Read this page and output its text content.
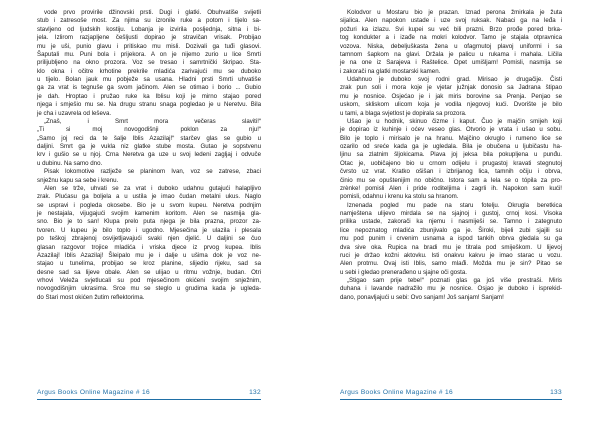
vode prvo provirile džinovski prsti. Dugi i glatki. Obuhvatiše svijetli
stub i zatresoše most. Za njima su izronile ruke a potom i tijelo sa-
stavljeno od ljudskih kostiju. Lobanja je izvirila posljednja, sitna i bi-
jela. Izlirom razjapljene češljusti dopirao je stravičan vrisak. Probijao
mu je uši, punio glavu i pritiskao mu misli. Dozivali ga tuđi glasovi.
Šaputali mu. Puni bola i prijekora. A on je nijemo zurio u lice Smrti
prilijubljeno na okno prozora. Voz se tresao i samrtnički škripao. Sta-
klo okna i očitre krhotine prekrile mladića zarivajući mu se duboko
u tijelo. Bolan jauk mu pobježe sa usana. Hladni prsti Smrti uhvatiše
ga za vrat is tegnuše ga svom jačinom. Alen se otimao i borio ... Gubio
je dah. Hroptao i pružao ruke ka Iblisu koji je mirno stajao pored
njega i smješio mu se. Na drugu stranu snaga pogledao je u Neretvu. Bila
je cha i uzavrela od leševa.

„Znaš, i Smrt mora večeras slaviti!“
„Ti si moj novogodišnji poklon za nju!“
„Samo joj reci da te šalje Iblis Azazilaj!“ starčev glas se gubio u
daljini. Smrt ga je vukla niz glatke stube mosta. Gutao je sopstvenu
krv i gušio se u njoj. Crna Neretva ga uze u svoj ledeni zagljaj i odvuče
u dubinu. Na samo dno.

Pisak lokomotive razlježe se planinom Ivan, voz se zatrese, zbaci
snježnu kapu sa sebe i krenu.

Alen se trže, uhvati se za vrat i duboko udahnu gutajući halapljivo
zrak. Plućasu ga boljela a u ustila je imao čudan metalni ukus. Naglo
se uspravi i pogleda okosebe. Bio je u svom kupeu. Neretva podnjim
je nestajala, vijugajući svojim kamenim koritom. Alen se nasmija gla-
sno. Bio je to san! Klupa prelo puta njega je bila prazna, prozor za-
tvoren. U kupeu je bilo toplo i ugodno. Mjesečina je ulazila i plesala
po teškoj zbrajenoj osvijetljavajući svaki njen djelić. U daljini se čuo
glasan razgovor trojice mladića i vriska djece iz prvog kupea. Iblis
Azazilaj! Iblis Azazilaj! Šleipalo mu je i dalje u ušima dok je voz ne-
stajao u tunelima, probijao se kroz planine, slijedio rijeku, sad sa
desne sad sa lijeve obale. Alen se ulijao u ritmu vožnje, budan. Otri
vrhovi Veleža svjetlucali su pod mjesečinom okićeni svojim snježnim,
novogodišnjim ukrasima. Srce mu se steglo u grudima kada je ugleda-
do Stari most okićen žutim reflektorima.

Argus Books Online Magazine # 16	132

Kolodvor u Mostaru bio je prazan. Iznad perona žmirkala je žuta
sijalica. Alen napokon ustade i uze svoj ruksak. Nabaci ga na leđa i
požuri ka izlazu. Svi kupei su već bili prazni. Brzo prođe pored brka-
tog kondukter a i izađe na mokri kolodvor. Tamo je stajala otpravnica
vozova. Niska, debeljuškasta žena u ofagrnutoj plavoj uniformi i sa
tamnom šapkom na glavi. Držala je palicu u rukama i mahala. Ličila
je na one iz Sarajeva i Raštelice. Opet umišljam! Pomisli, nasmija se
i zakorači na glatki mostarski kamen.

Udahnuo je duboko svoj rodni grad. Mirisao je drugačije. Čisti
zrak pun soli i mora koje je vjetar južnjak donosio sa Jadrana štipao
mu je nosnice. Osjećao je i jak miris borovine sa Prenja. Penjao se
uskom, skliskom ulicom koja je vodila njegovoj kući. Dvorište je bilo
u tami, a blaga svjetlost je dopirala sa prozora.

Ušao je u hodnik, skinuo čizme i kaput. Čuo je majčin smijeh koji
je dopirao iz kuhinje i oćev veseo glas. Otvorio je vrata i ušao u sobu.
Bilo je toplo i mirisalo je na hranu. Majčino okruglo i rumeno lice se
ozarilo od sreće kada ga je ugledala. Bila je obučena u ljubičastu ha-
ljinu sa zlatnim šljokicama. Plava joj jeksa bila pokupljena u punđu.
Otac je, uobičajeno bio u crnom odijelu i prugastoj kravati stegnutoj
čvrsto uz vrat. Kratko ošišan i izbrijanog lica, tamnih očiju i obrva,
činio mu se opuštenijim no obično. Istora sam a Iela se o tópila za pro-
zrènke! pomisli Alen i pride roditeljima i zagrli ih. Napokon sam kući!
pomisli, odahnu i krenu ka stolu sa hranom.

Iznenada pogled mu pade na staru fotelju. Okrugla beretkica
namještena ulijevo mirdala se na sjajnoj i gustoj, crnoj kosi. Visoka
prilika ustade, zakorači ka njemu i nasmiješi se. Tamno i zategnuto
lice nepoznatog mladića zbunjivalo ga je. Široki, bijeli zubi sjajili su
mu pod punim i crvenim usnama a ispod tankih obrva gledala su ga
dva sive oka. Rupica na bradi mu je titrala pod smiješkom. U lijevoj
ruci je držao kožni aktovku. Isti onakvu kakvu je imao starac u vozu.
Alen protrnu. Ovaj isti Iblis, samo mlađi. Možda mu je sin? Pitao se
u sebi i gledao prenerađeno u sjajne oči gosta.

„Stigao sam prije tebe!“ poznati glas ga još više prestraši. Miris
duhana i lavande nadražilo mu je nosnice. Osjao je duboko i isprekid-
dano, ponavljajući u sebi: Ovo sanjam! Još sanjam! Sanjam!

Argus Books Online Magazine # 16	133
